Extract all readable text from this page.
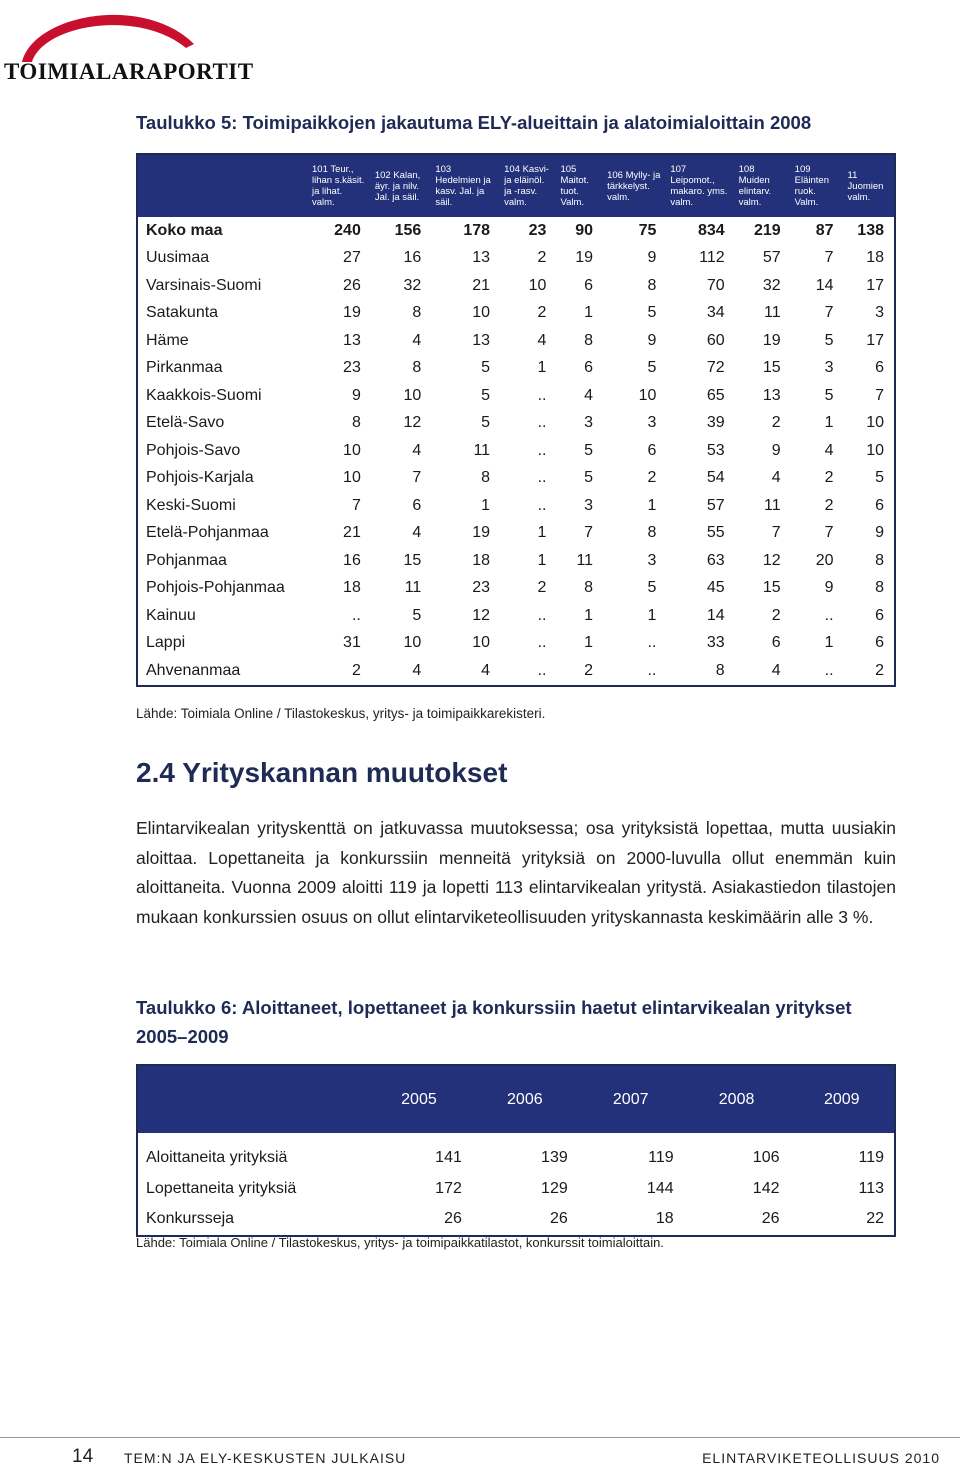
TOIMIALARAPORTIT
Taulukko 5: Toimipaikkojen jakautuma ELY-alueittain ja alatoimialoittain 2008
	101 Teur., lihan s.käsit. ja lihat. valm.	102 Kalan, äyr. ja nilv. Jal. ja säil.	103 Hedelmien ja kasv. Jal. ja säil.	104 Kasvi- ja eläinöl. ja -rasv. valm.	105 Maitot. tuot. Valm.	106 Mylly- ja tärkkelyst. valm.	107 Leipomot., makaro. yms. valm.	108 Muiden elintarv. valm.	109 Eläinten ruok. Valm.	11 Juomien valm.
Koko maa	240	156	178	23	90	75	834	219	87	138
Uusimaa	27	16	13	2	19	9	112	57	7	18
Varsinais-Suomi	26	32	21	10	6	8	70	32	14	17
Satakunta	19	8	10	2	1	5	34	11	7	3
Häme	13	4	13	4	8	9	60	19	5	17
Pirkanmaa	23	8	5	1	6	5	72	15	3	6
Kaakkois-Suomi	9	10	5	..	4	10	65	13	5	7
Etelä-Savo	8	12	5	..	3	3	39	2	1	10
Pohjois-Savo	10	4	11	..	5	6	53	9	4	10
Pohjois-Karjala	10	7	8	..	5	2	54	4	2	5
Keski-Suomi	7	6	1	..	3	1	57	11	2	6
Etelä-Pohjanmaa	21	4	19	1	7	8	55	7	7	9
Pohjanmaa	16	15	18	1	11	3	63	12	20	8
Pohjois-Pohjanmaa	18	11	23	2	8	5	45	15	9	8
Kainuu	..	5	12	..	1	1	14	2	..	6
Lappi	31	10	10	..	1	..	33	6	1	6
Ahvenanmaa	2	4	4	..	2	..	8	4	..	2
Lähde: Toimiala Online / Tilastokeskus, yritys- ja toimipaikkarekisteri.
2.4 Yrityskannan muutokset
Elintarvikealan yrityskenttä on jatkuvassa muutoksessa; osa yrityksistä lopettaa, mutta uusiakin aloittaa. Lopettaneita ja konkurssiin menneitä yrityksiä on 2000-luvulla ollut enemmän kuin aloittaneita. Vuonna 2009 aloitti 119 ja lopetti 113 elintarvikealan yritystä. Asiakastiedon tilastojen mukaan konkurssien osuus on ollut elintarviketeollisuuden yrityskannasta keskimäärin alle 3 %.
Taulukko 6: Aloittaneet, lopettaneet ja konkurssiin haetut elintarvikealan yritykset 2005–2009
	2005	2006	2007	2008	2009

Aloittaneita yrityksiä	141	139	119	106	119
Lopettaneita yrityksiä	172	129	144	142	113
Konkursseja	26	26	18	26	22
Lähde: Toimiala Online / Tilastokeskus, yritys- ja toimipaikkatilastot, konkurssit toimialoittain.
14 TEM:N JA ELY-KESKUSTEN JULKAISU	ELINTARVIKETEOLLISUUS 2010
